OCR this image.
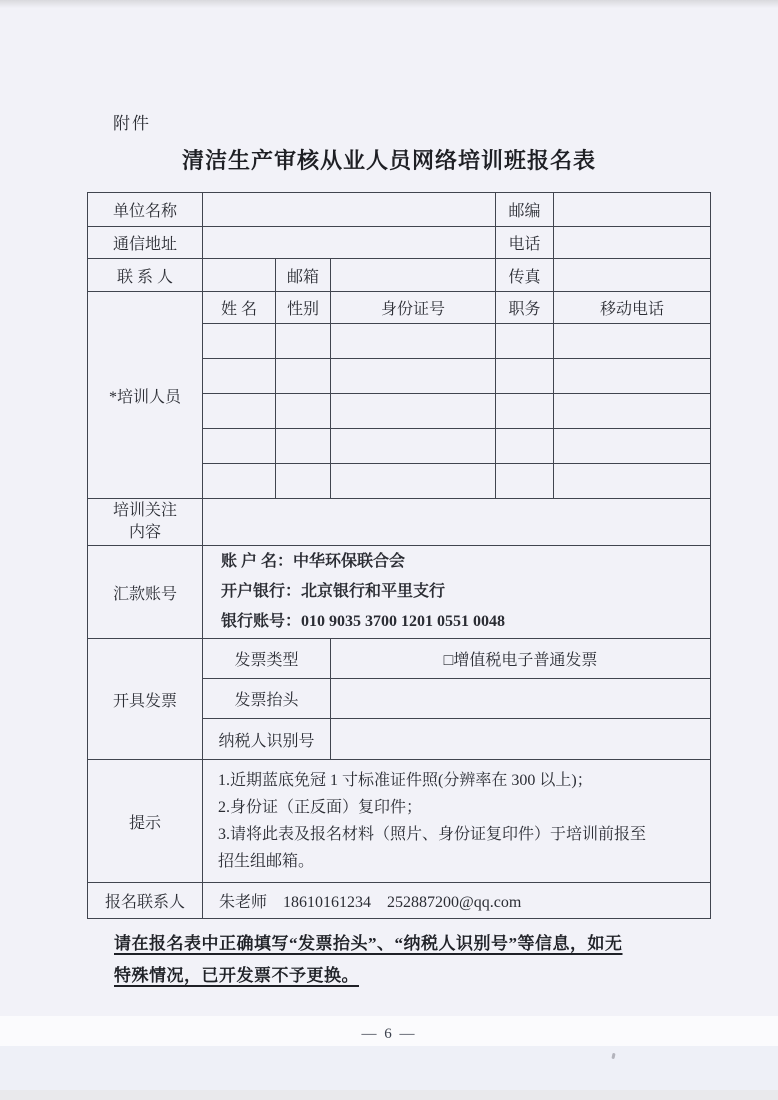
附件
清洁生产审核从业人员网络培训班报名表
单位名称				邮编	
通信地址				电话	
联 系 人		邮箱		传真	
*培训人员	姓 名	性别	身份证号	职务	移动电话

培训关注
内容					

汇款账号	账 户 名：中华环保联合会
开户银行：北京银行和平里支行
银行账号：010 9035 3700 1201 0551 0048				

开具发票	发票类型		□增值税电子普通发票		
	发票抬头				
	纳税人识别号				
提示	1.近期蓝底免冠 1 寸标准证件照(分辨率在 300 以上)；
2.身份证（正反面）复印件；
3.请将此表及报名材料（照片、身份证复印件）于培训前报至
招生组邮箱。				

报名联系人	朱老师    18610161234    252887200@qq.com				
请在报名表中正确填写“发票抬头”、“纳税人识别号”等信息，如无
特殊情况，已开发票不予更换。
— 6 —
